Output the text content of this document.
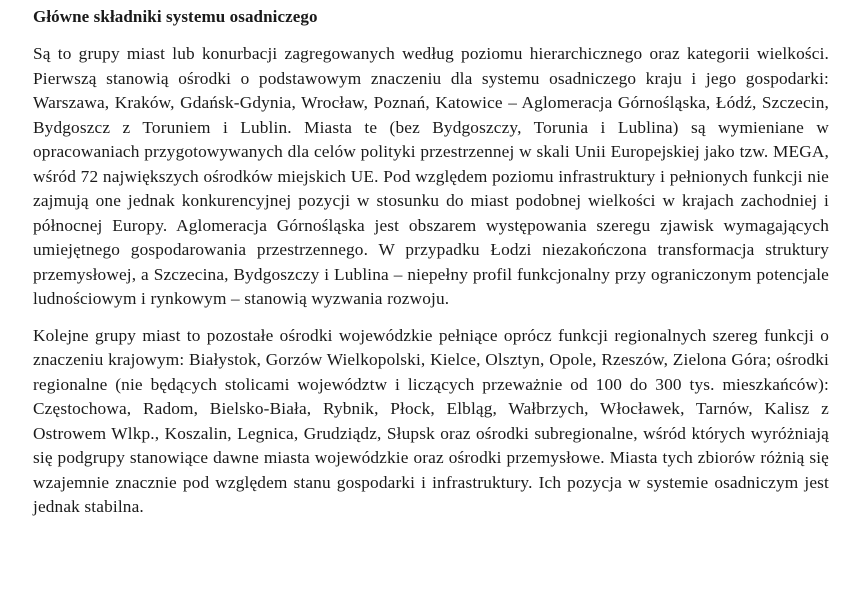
Główne składniki systemu osadniczego

Są to grupy miast lub konurbacji zagregowanych według poziomu hierarchicznego oraz kategorii wielkości. Pierwszą stanowią ośrodki o podstawowym znaczeniu dla systemu osadniczego kraju i jego gospodarki: Warszawa, Kraków, Gdańsk-Gdynia, Wrocław, Poznań, Katowice – Aglomeracja Górnośląska, Łódź, Szczecin, Bydgoszcz z Toruniem i Lublin. Miasta te (bez Bydgoszczy, Torunia i Lublina) są wymieniane w opracowaniach przygotowywanych dla celów polityki przestrzennej w skali Unii Europejskiej jako tzw. MEGA, wśród 72 największych ośrodków miejskich UE. Pod względem poziomu infrastruktury i pełnionych funkcji nie zajmują one jednak konkurencyjnej pozycji w stosunku do miast podobnej wielkości w krajach zachodniej i północnej Europy. Aglomeracja Górnośląska jest obszarem występowania szeregu zjawisk wymagających umiejętnego gospodarowania przestrzennego. W przypadku Łodzi niezakończona transformacja struktury przemysłowej, a Szczecina, Bydgoszczy i Lublina – niepełny profil funkcjonalny przy ograniczonym potencjale ludnościowym i rynkowym – stanowią wyzwania rozwoju.

Kolejne grupy miast to pozostałe ośrodki wojewódzkie pełniące oprócz funkcji regionalnych szereg funkcji o znaczeniu krajowym: Białystok, Gorzów Wielkopolski, Kielce, Olsztyn, Opole, Rzeszów, Zielona Góra; ośrodki regionalne (nie będących stolicami województw i liczących przeważnie od 100 do 300 tys. mieszkańców): Częstochowa, Radom, Bielsko-Biała, Rybnik, Płock, Elbląg, Wałbrzych, Włocławek, Tarnów, Kalisz z Ostrowem Wlkp., Koszalin, Legnica, Grudziądz, Słupsk oraz ośrodki subregionalne, wśród których wyróżniają się podgrupy stanowiące dawne miasta wojewódzkie oraz ośrodki przemysłowe. Miasta tych zbiorów różnią się wzajemnie znacznie pod względem stanu gospodarki i infrastruktury. Ich pozycja w systemie osadniczym jest jednak stabilna.
